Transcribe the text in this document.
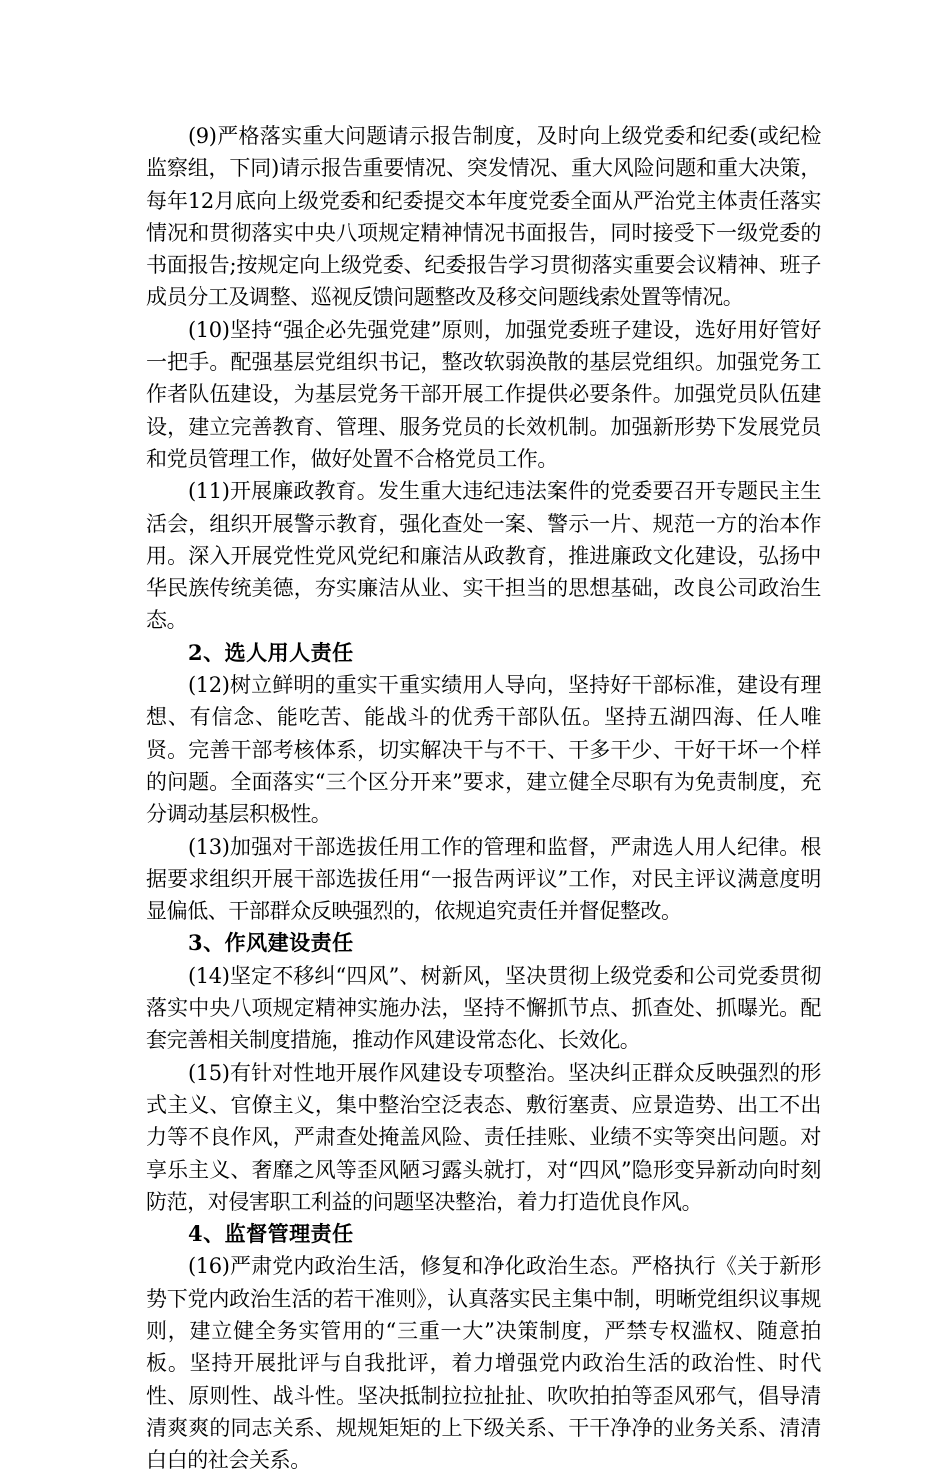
(9)严格落实重大问题请示报告制度，及时向上级党委和纪委(或纪检监察组，下同)请示报告重要情况、突发情况、重大风险问题和重大决策，每年12月底向上级党委和纪委提交本年度党委全面从严治党主体责任落实情况和贯彻落实中央八项规定精神情况书面报告，同时接受下一级党委的书面报告;按规定向上级党委、纪委报告学习贯彻落实重要会议精神、班子成员分工及调整、巡视反馈问题整改及移交问题线索处置等情况。

(10)坚持“强企必先强党建”原则，加强党委班子建设，选好用好管好一把手。配强基层党组织书记，整改软弱涣散的基层党组织。加强党务工作者队伍建设，为基层党务干部开展工作提供必要条件。加强党员队伍建设，建立完善教育、管理、服务党员的长效机制。加强新形势下发展党员和党员管理工作，做好处置不合格党员工作。

(11)开展廉政教育。发生重大违纪违法案件的党委要召开专题民主生活会，组织开展警示教育，强化查处一案、警示一片、规范一方的治本作用。深入开展党性党风党纪和廉洁从政教育，推进廉政文化建设，弘扬中华民族传统美德，夯实廉洁从业、实干担当的思想基础，改良公司政治生态。

2、选人用人责任

(12)树立鲜明的重实干重实绩用人导向，坚持好干部标准，建设有理想、有信念、能吃苦、能战斗的优秀干部队伍。坚持五湖四海、任人唯贤。完善干部考核体系，切实解决干与不干、干多干少、干好干坏一个样的问题。全面落实“三个区分开来”要求，建立健全尽职有为免责制度，充分调动基层积极性。

(13)加强对干部选拔任用工作的管理和监督，严肃选人用人纪律。根据要求组织开展干部选拔任用“一报告两评议”工作，对民主评议满意度明显偏低、干部群众反映强烈的，依规追究责任并督促整改。

3、作风建设责任

(14)坚定不移纠“四风”、树新风，坚决贯彻上级党委和公司党委贯彻落实中央八项规定精神实施办法，坚持不懈抓节点、抓查处、抓曝光。配套完善相关制度措施，推动作风建设常态化、长效化。

(15)有针对性地开展作风建设专项整治。坚决纠正群众反映强烈的形式主义、官僚主义，集中整治空泛表态、敷衍塞责、应景造势、出工不出力等不良作风，严肃查处掩盖风险、责任挂账、业绩不实等突出问题。对享乐主义、奢靡之风等歪风陋习露头就打，对“四风”隐形变异新动向时刻防范，对侵害职工利益的问题坚决整治，着力打造优良作风。

4、监督管理责任

(16)严肃党内政治生活，修复和净化政治生态。严格执行《关于新形势下党内政治生活的若干准则》，认真落实民主集中制，明晰党组织议事规则，建立健全务实管用的“三重一大”决策制度，严禁专权滥权、随意拍板。坚持开展批评与自我批评，着力增强党内政治生活的政治性、时代性、原则性、战斗性。坚决抵制拉拉扯扯、吹吹拍拍等歪风邪气，倡导清清爽爽的同志关系、规规矩矩的上下级关系、干干净净的业务关系、清清白白的社会关系。
